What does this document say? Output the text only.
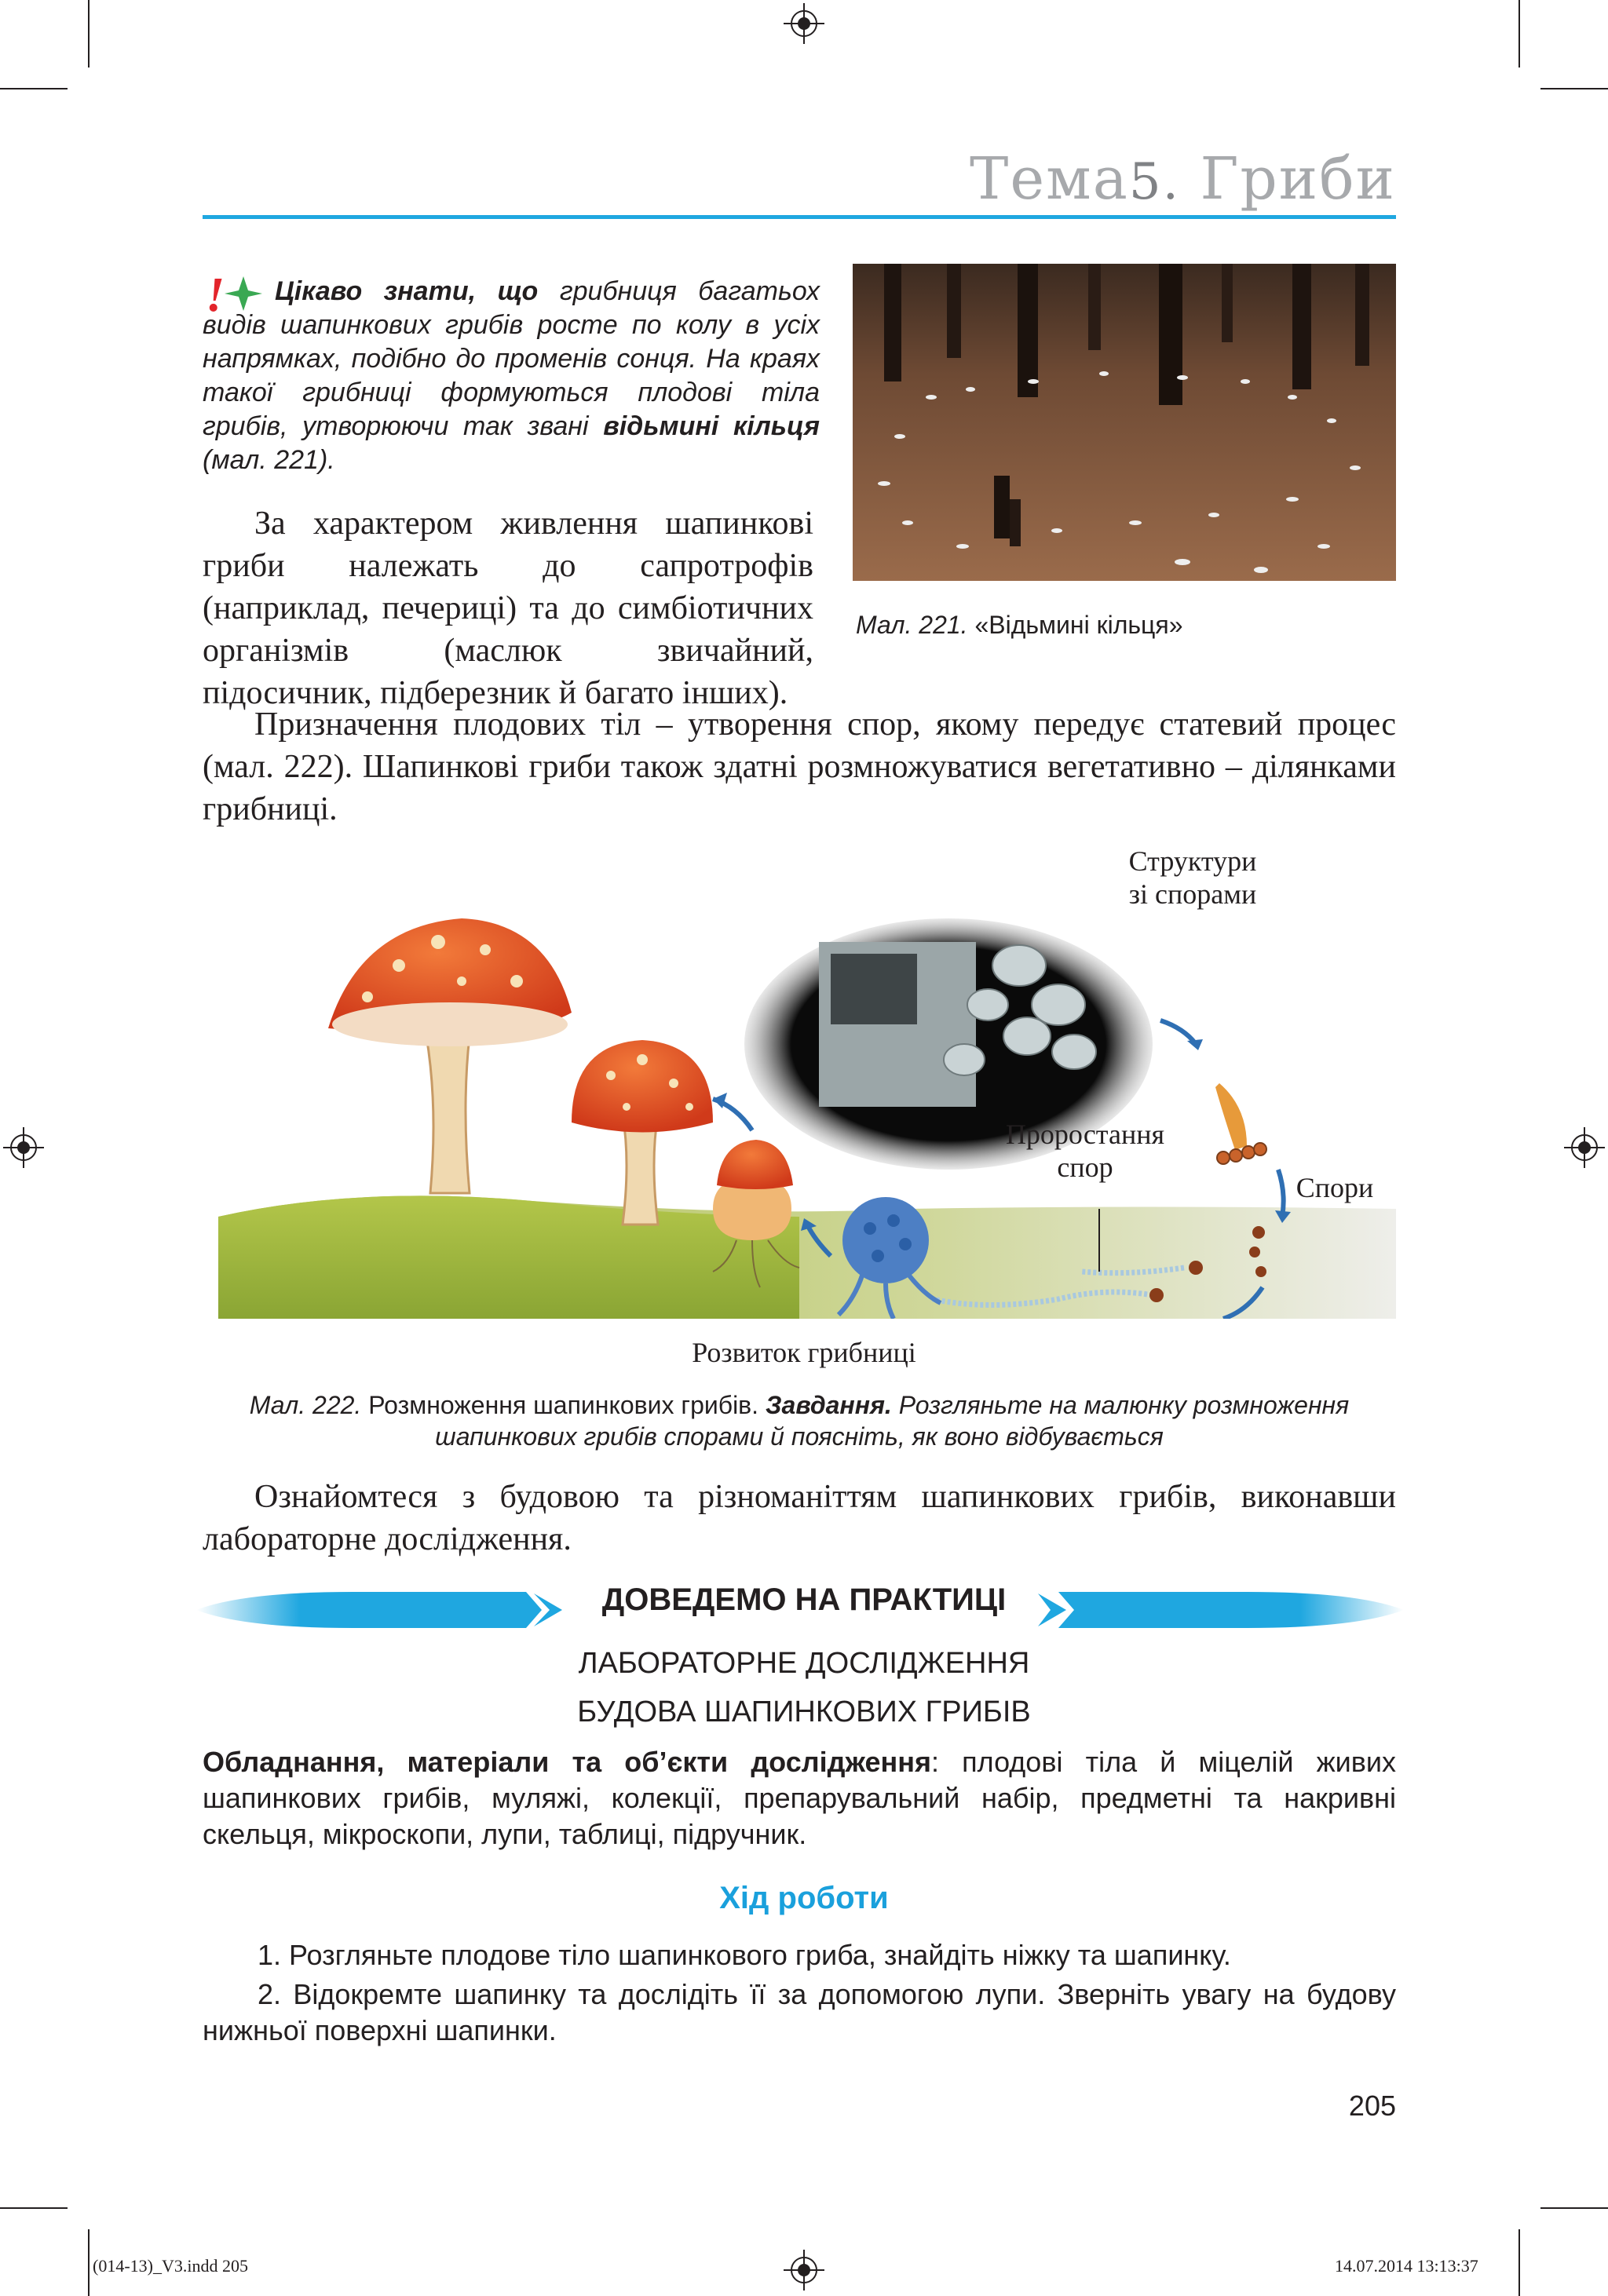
Тема5. Гриби
!	Цікаво знати, що грибниця багатьох видів шапинкових грибів росте по колу в усіх напрямках, подібно до променів сонця. На краях такої грибниці формуються плодові тіла грибів, утворюючи так звані відьмині кільця (мал. 221).
Мал. 221. «Відьмині кільця»
За характером живлення шапинкові гриби належать до сапротрофів (наприклад, печериці) та до симбіотичних організмів (маслюк звичайний, підосичник, підберезник й багато інших).
Призначення плодових тіл – утворення спор, якому передує статевий процес (мал. 222). Шапинкові гриби також здатні розмножуватися вегетативно – ділянками грибниці.
Структури
зі спорами
Проростання
спор
Спори
Розвиток грибниці
Мал. 222. Розмноження шапинкових грибів. Завдання. Розгляньте на малюнку розмноження шапинкових грибів спорами й поясніть, як воно відбувається
Ознайомтеся з будовою та різноманіттям шапинкових грибів, виконавши лабораторне дослідження.
ДОВЕДЕМО НА ПРАКТИЦІ
ЛАБОРАТОРНЕ ДОСЛІДЖЕННЯ
БУДОВА ШАПИНКОВИХ ГРИБІВ
Обладнання, матеріали та об’єкти дослідження: плодові тіла й міцелій живих шапинкових грибів, муляжі, колекції, препарувальний набір, предметні та накривні скельця, мікроскопи, лупи, таблиці, підручник.
Хід роботи
1. Розгляньте плодове тіло шапинкового гриба, знайдіть ніжку та шапинку.
2. Відокремте шапинку та дослідіть її за допомогою лупи. Зверніть увагу на будову нижньої поверхні шапинки.
205
(014-13)_V3.indd 205	14.07.2014 13:13:37
